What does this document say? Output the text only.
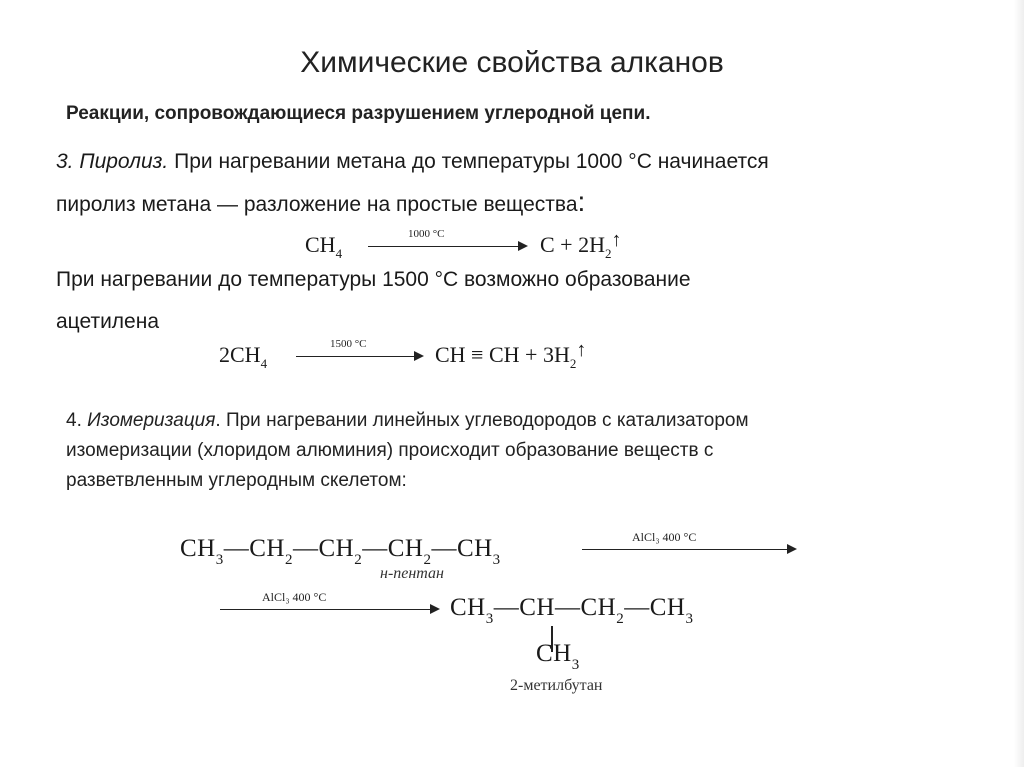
Химические свойства алканов
Реакции, сопровождающиеся разрушением углеродной цепи.
3. Пиролиз. При нагревании метана до температуры 1000 °C начинается
пиролиз метана — разложение на простые вещества:
$CH_4$
1000 °C	$C + 2H_2↑$
При нагревании до температуры 1500 °C возможно образование
ацетилена
$2CH_4$
1500 °C	CH ≡ CH + $3H_2↑$
4. Изомеризация. При нагревании линейных углеводородов с катализатором
изомеризации (хлоридом алюминия) происходит образование веществ с
разветвленным углеродным скелетом:
$CH_3—CH_2—CH_2—CH_2—CH_3$
н-пентан
AlCl₃ 400 °C
AlCl₃ 400 °C	$CH_3—CH—CH_2—CH_3$
$CH_3$
2-метилбутан
